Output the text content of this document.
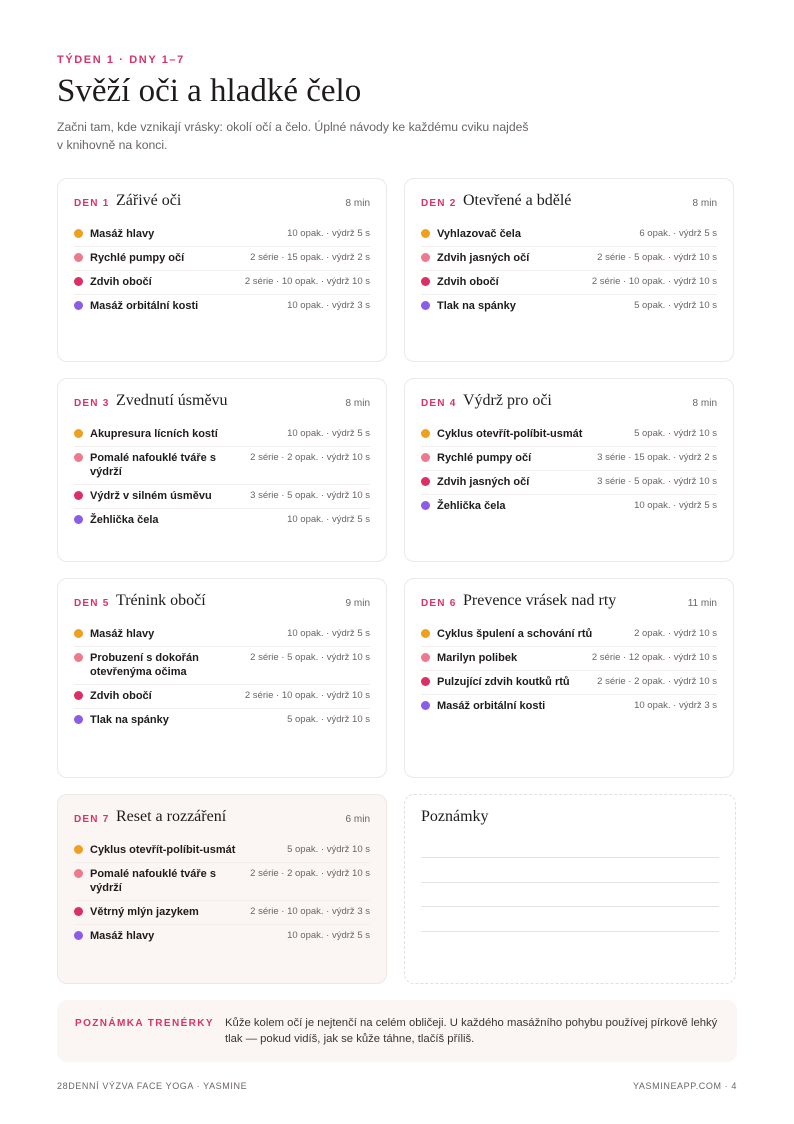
TÝDEN 1 · DNY 1–7
Svěží oči a hladké čelo
Začni tam, kde vznikají vrásky: okolí očí a čelo. Úplné návody ke každému cviku najdeš v knihovně na konci.
DEN 1 Zářivé oči	8 min
Masáž hlavy	10 opak. · výdrž 5 s
Rychlé pumpy očí	2 série · 15 opak. · výdrž 2 s
Zdvih obočí	2 série · 10 opak. · výdrž 10 s
Masáž orbitální kosti	10 opak. · výdrž 3 s
DEN 2 Otevřené a bdělé	8 min
Vyhlazovač čela	6 opak. · výdrž 5 s
Zdvih jasných očí	2 série · 5 opak. · výdrž 10 s
Zdvih obočí	2 série · 10 opak. · výdrž 10 s
Tlak na spánky	5 opak. · výdrž 10 s
DEN 3 Zvednutí úsměvu	8 min
Akupresura lícních kostí	10 opak. · výdrž 5 s
Pomalé nafouklé tváře s výdrží
2 série · 2 opak. · výdrž 10 s
Výdrž v silném úsměvu	3 série · 5 opak. · výdrž 10 s
Žehlička čela	10 opak. · výdrž 5 s
DEN 4 Výdrž pro oči	8 min
Cyklus otevřít-políbit-usmát	5 opak. · výdrž 10 s
Rychlé pumpy očí	3 série · 15 opak. · výdrž 2 s
Zdvih jasných očí	3 série · 5 opak. · výdrž 10 s
Žehlička čela	10 opak. · výdrž 5 s
DEN 5 Trénink obočí	9 min
Masáž hlavy	10 opak. · výdrž 5 s
Probuzení s dokořán otevřenýma očima
2 série · 5 opak. · výdrž 10 s
Zdvih obočí	2 série · 10 opak. · výdrž 10 s
Tlak na spánky	5 opak. · výdrž 10 s
DEN 6 Prevence vrásek nad rty	11 min
Cyklus špulení a schování rtů	2 opak. · výdrž 10 s
Marilyn polibek	2 série · 12 opak. · výdrž 10 s
Pulzující zdvih koutků rtů	2 série · 2 opak. · výdrž 10 s
Masáž orbitální kosti	10 opak. · výdrž 3 s
DEN 7 Reset a rozzáření	6 min
Cyklus otevřít-políbit-usmát	5 opak. · výdrž 10 s
Pomalé nafouklé tváře s výdrží
2 série · 2 opak. · výdrž 10 s
Větrný mlýn jazykem	2 série · 10 opak. · výdrž 3 s
Masáž hlavy	10 opak. · výdrž 5 s
Poznámky
POZNÁMKA TRENÉRKY Kůže kolem očí je nejtenčí na celém obličeji. U každého masážního pohybu používej pírkově lehký tlak — pokud vidíš, jak se kůže táhne, tlačíš příliš.
28DENNÍ VÝZVA FACE YOGA · YASMINE	YASMINEAPP.COM · 4
